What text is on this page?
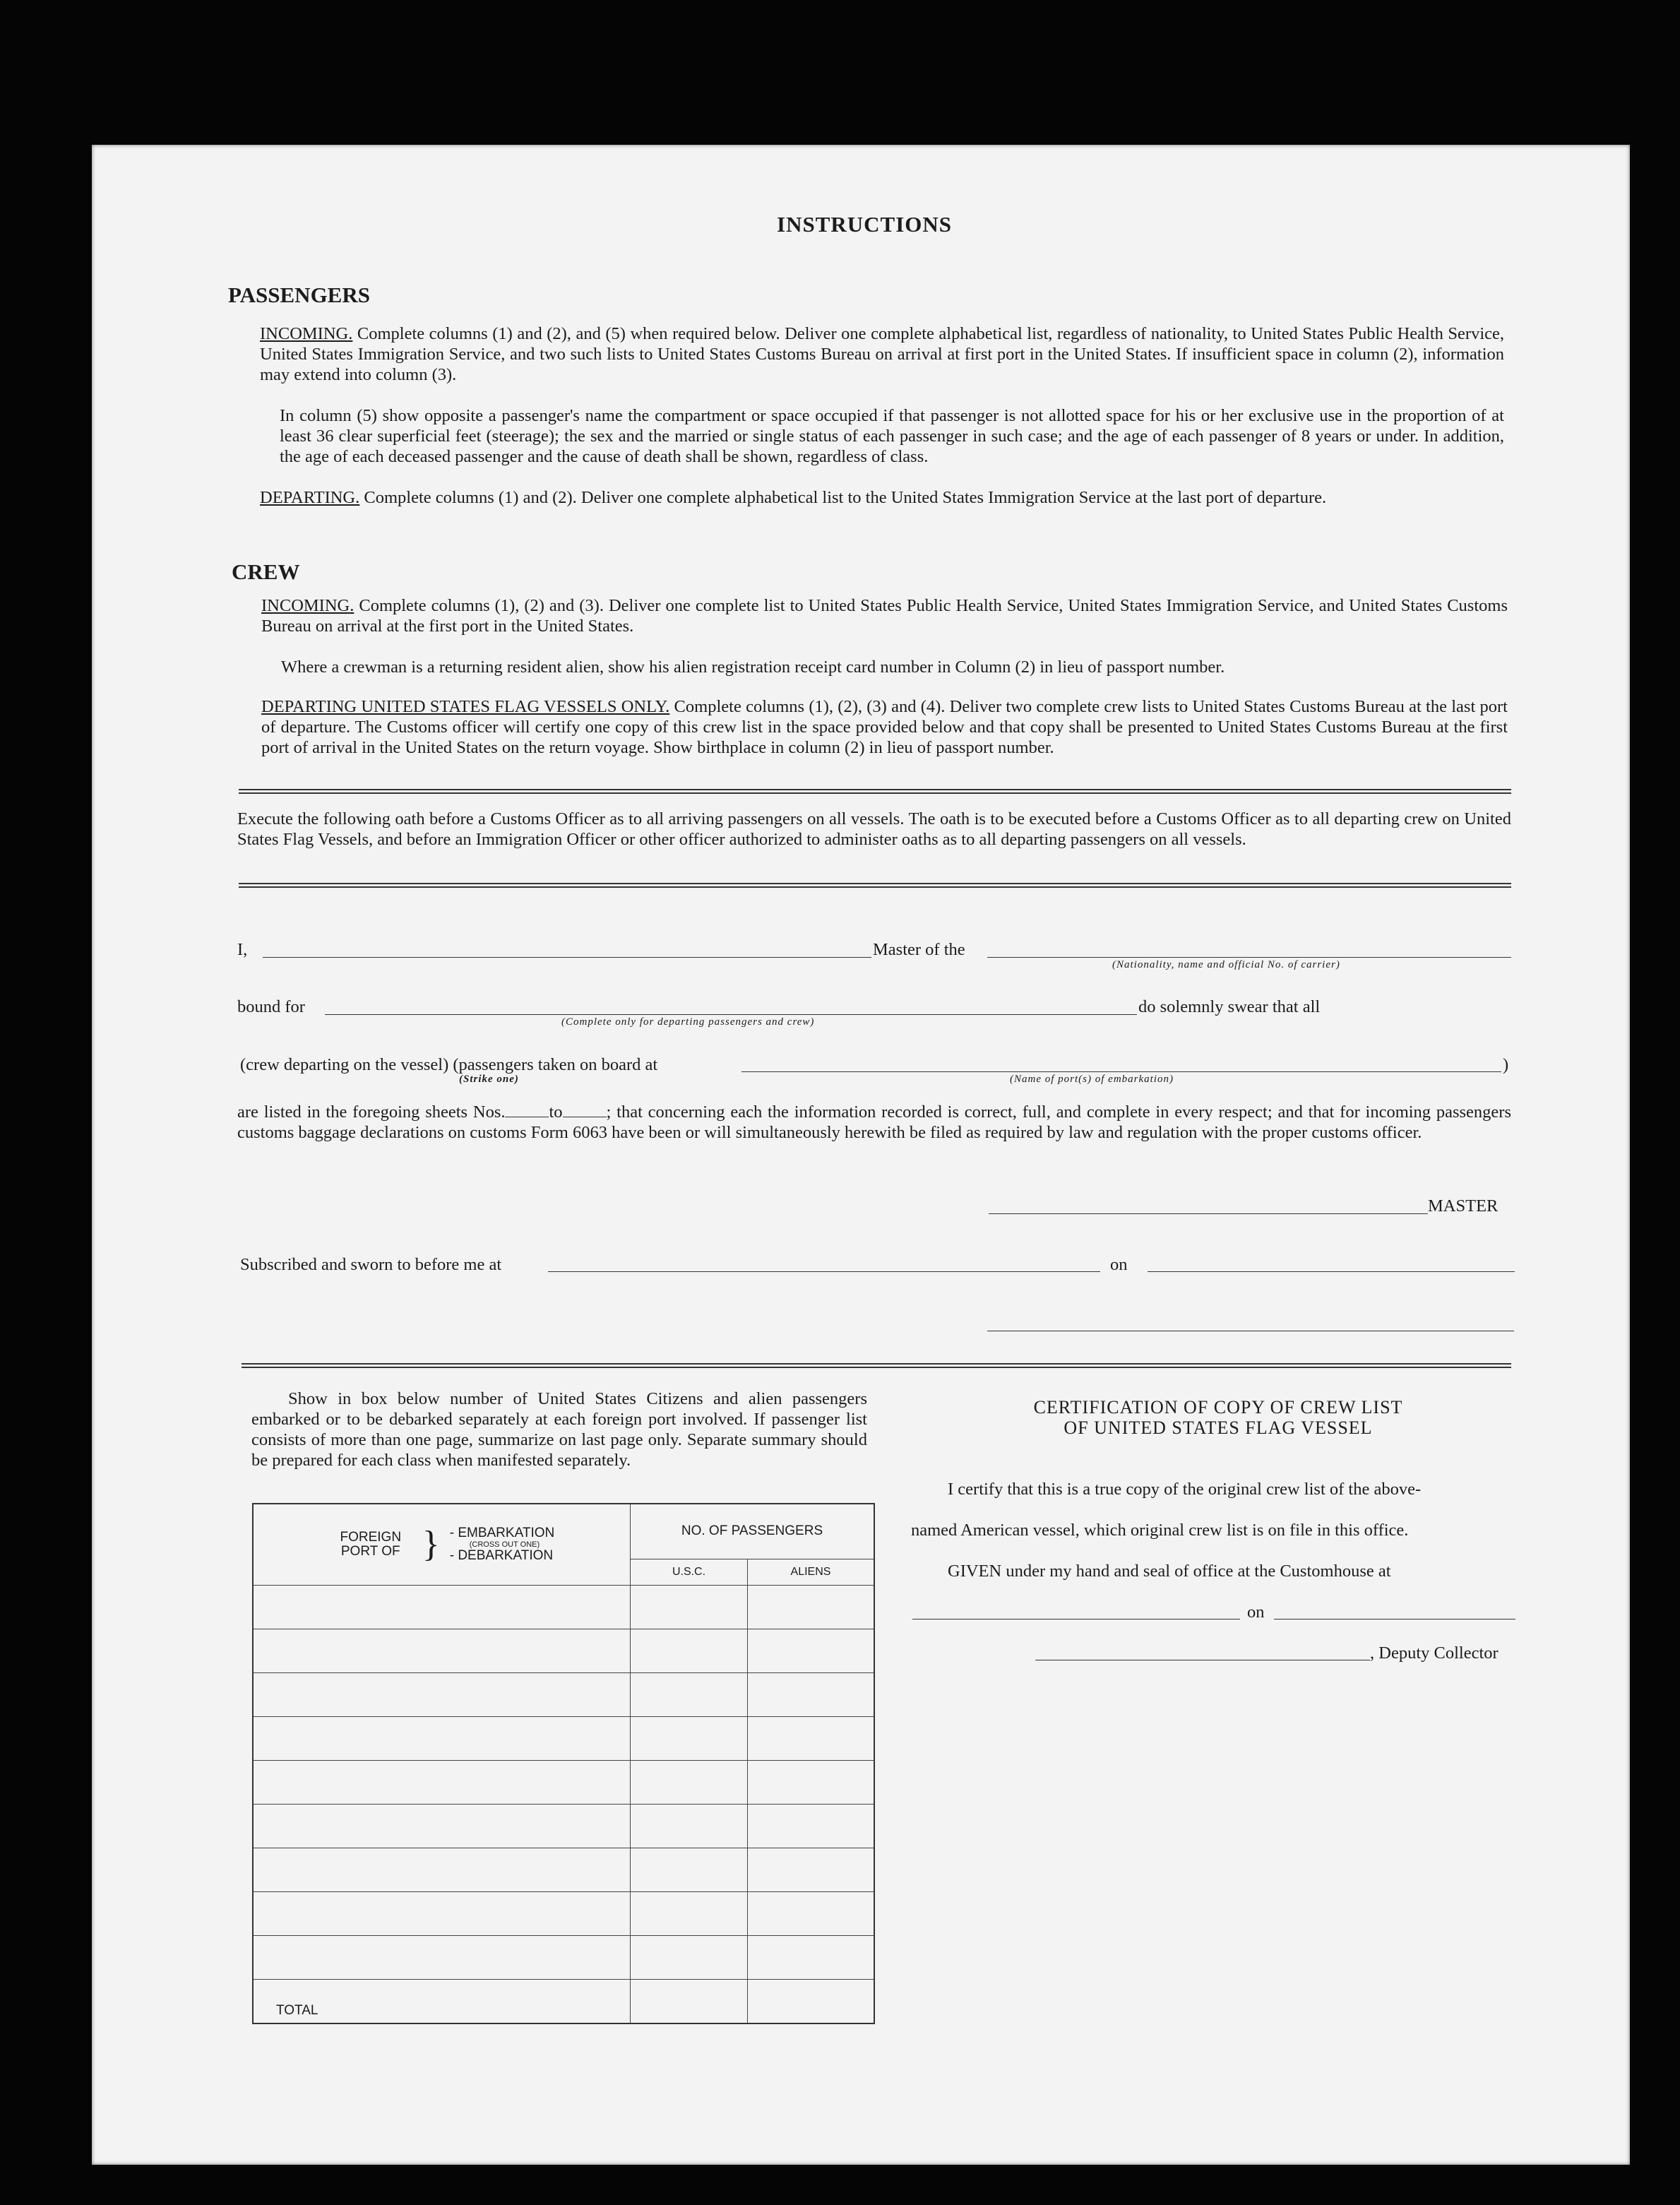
INSTRUCTIONS
PASSENGERS
INCOMING. Complete columns (1) and (2), and (5) when required below. Deliver one complete alphabetical list, regardless of nationality, to United States Public Health Service, United States Immigration Service, and two such lists to United States Customs Bureau on arrival at first port in the United States. If insufficient space in column (2), information may extend into column (3).
In column (5) show opposite a passenger's name the compartment or space occupied if that passenger is not allotted space for his or her exclusive use in the proportion of at least 36 clear superficial feet (steerage); the sex and the married or single status of each passenger in such case; and the age of each passenger of 8 years or under. In addition, the age of each deceased passenger and the cause of death shall be shown, regardless of class.
DEPARTING. Complete columns (1) and (2). Deliver one complete alphabetical list to the United States Immigration Service at the last port of departure.
CREW
INCOMING. Complete columns (1), (2) and (3). Deliver one complete list to United States Public Health Service, United States Immigration Service, and United States Customs Bureau on arrival at the first port in the United States.
Where a crewman is a returning resident alien, show his alien registration receipt card number in Column (2) in lieu of passport number.
DEPARTING UNITED STATES FLAG VESSELS ONLY. Complete columns (1), (2), (3) and (4). Deliver two complete crew lists to United States Customs Bureau at the last port of departure. The Customs officer will certify one copy of this crew list in the space provided below and that copy shall be presented to United States Customs Bureau at the first port of arrival in the United States on the return voyage. Show birthplace in column (2) in lieu of passport number.
Execute the following oath before a Customs Officer as to all arriving passengers on all vessels. The oath is to be executed before a Customs Officer as to all departing crew on United States Flag Vessels, and before an Immigration Officer or other officer authorized to administer oaths as to all departing passengers on all vessels.
I,	Master of the
(Nationality, name and official No. of carrier)
bound for	do solemnly swear that all
(Complete only for departing passengers and crew)
(crew departing on the vessel) (passengers taken on board at	)
(Strike one)	(Name of port(s) of embarkation)
are listed in the foregoing sheets Nos.	to	; that concerning each the information recorded is correct, full, and complete in every respect; and that for incoming passengers customs baggage declarations on customs Form 6063 have been or will simultaneously herewith be filed as required by law and regulation with the proper customs officer.
MASTER
Subscribed and sworn to before me at	on
Show in box below number of United States Citizens and alien passengers embarked or to be debarked separately at each foreign port involved. If passenger list consists of more than one page, summarize on last page only. Separate summary should be prepared for each class when manifested separately.
FOREIGN PORT OF } - EMBARKATION
(CROSS OUT ONE)
- DEBARKATION	NO. OF PASSENGERS	
	U.S.C.	ALIENS

TOTAL		
CERTIFICATION OF COPY OF CREW LIST
OF UNITED STATES FLAG VESSEL
I certify that this is a true copy of the original crew list of the above-
named American vessel, which original crew list is on file in this office.
GIVEN under my hand and seal of office at the Customhouse at
on
, Deputy Collector
